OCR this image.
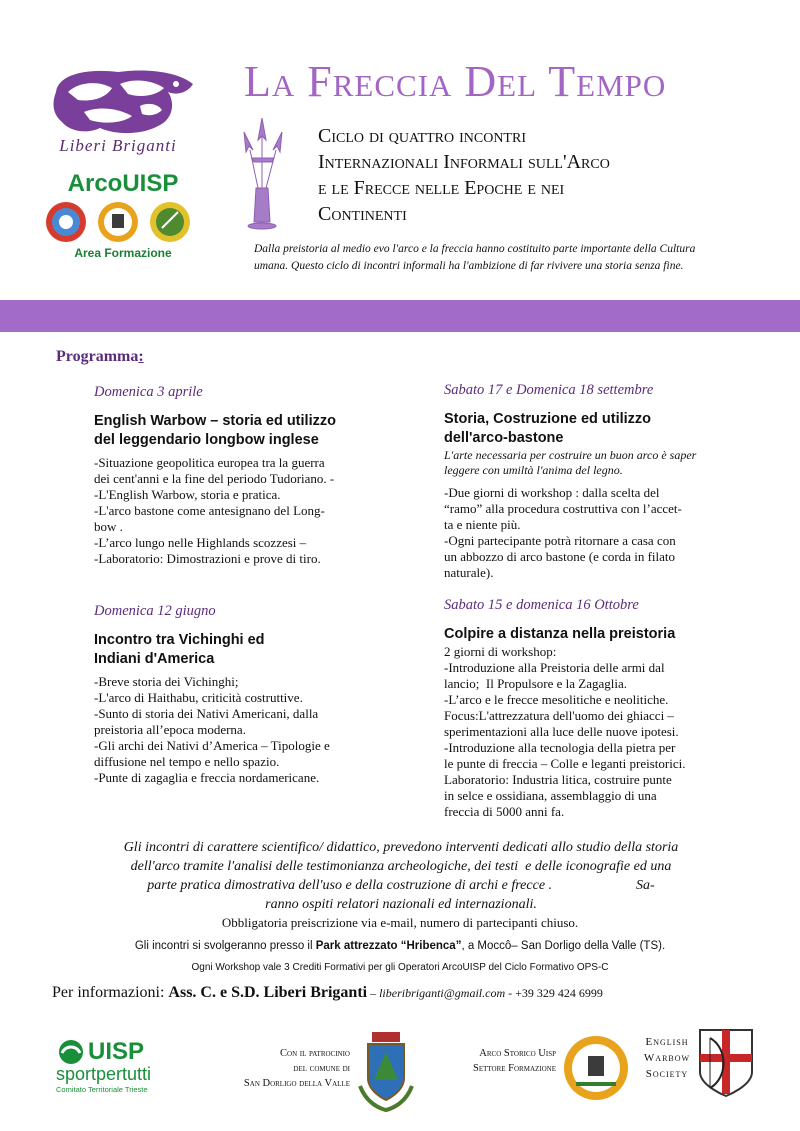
Liberi Briganti
ArcoUISP
Area Formazione
La Freccia Del Tempo
Ciclo di quattro incontri
Internazionali Informali sull'Arco
e le Frecce nelle Epoche e nei
Continenti
Dalla preistoria al medio evo l'arco e la freccia hanno costituito parte importante della Cultura
umana. Questo ciclo di incontri informali ha l'ambizione di far rivivere una storia senza fine.
Programma:
Domenica 3 aprile
English Warbow – storia ed utilizzo
del leggendario longbow inglese
-Situazione geopolitica europea tra la guerra
dei cent'anni e la fine del periodo Tudoriano. -
-L'English Warbow, storia e pratica.
-L'arco bastone come antesignano del Long-
bow .
-L’arco lungo nelle Highlands scozzesi –
-Laboratorio: Dimostrazioni e prove di tiro.
Domenica 12 giugno
Incontro tra Vichinghi ed
Indiani d'America
-Breve storia dei Vichinghi;
-L'arco di Haithabu, criticità costruttive.
-Sunto di storia dei Nativi Americani, dalla
preistoria all’epoca moderna.
-Gli archi dei Nativi d’America – Tipologie e
diffusione nel tempo e nello spazio.
-Punte di zagaglia e freccia nordamericane.
Sabato 17 e Domenica 18 settembre
Storia, Costruzione ed utilizzo
dell'arco-bastone
L'arte necessaria per costruire un buon arco è saper
leggere con umiltà l'anima del legno.
-Due giorni di workshop : dalla scelta del
“ramo” alla procedura costruttiva con l’accet-
ta e niente più.
-Ogni partecipante potrà ritornare a casa con
un abbozzo di arco bastone (e corda in filato
naturale).
Sabato 15 e domenica 16 Ottobre
Colpire a distanza nella preistoria
2 giorni di workshop:
-Introduzione alla Preistoria delle armi dal
lancio;  Il Propulsore e la Zagaglia.
-L’arco e le frecce mesolitiche e neolitiche.
Focus:L'attrezzatura dell'uomo dei ghiacci –
sperimentazioni alla luce delle nuove ipotesi.
-Introduzione alla tecnologia della pietra per
le punte di freccia – Colle e leganti preistorici.
Laboratorio: Industria litica, costruire punte
in selce e ossidiana, assemblaggio di una
freccia di 5000 anni fa.
Gli incontri di carattere scientifico/ didattico, prevedono interventi dedicati allo studio della storia
dell'arco tramite l'analisi delle testimonianza archeologiche, dei testi  e delle iconografie ed una
parte pratica dimostrativa dell'uso e della costruzione di archi e frecce .                        Sa-
ranno ospiti relatori nazionali ed internazionali.
Obbligatoria preiscrizione via e-mail, numero di partecipanti chiuso.
Gli incontri si svolgeranno presso il Park attrezzato “Hribenca”, a Moccô– San Dorligo della Valle (TS).
Ogni Workshop vale 3 Crediti Formativi per gli Operatori ArcoUISP del Ciclo Formativo OPS-C
Per informazioni: Ass. C. e S.D. Liberi Briganti – liberibriganti@gmail.com - +39 329 424 6999
UISP
sportpertutti
Comitato Territoriale Trieste
Con il patrocinio
del comune di
San Dorligo della Valle
Arco Storico Uisp
Settore Formazione
English
Warbow
Society
